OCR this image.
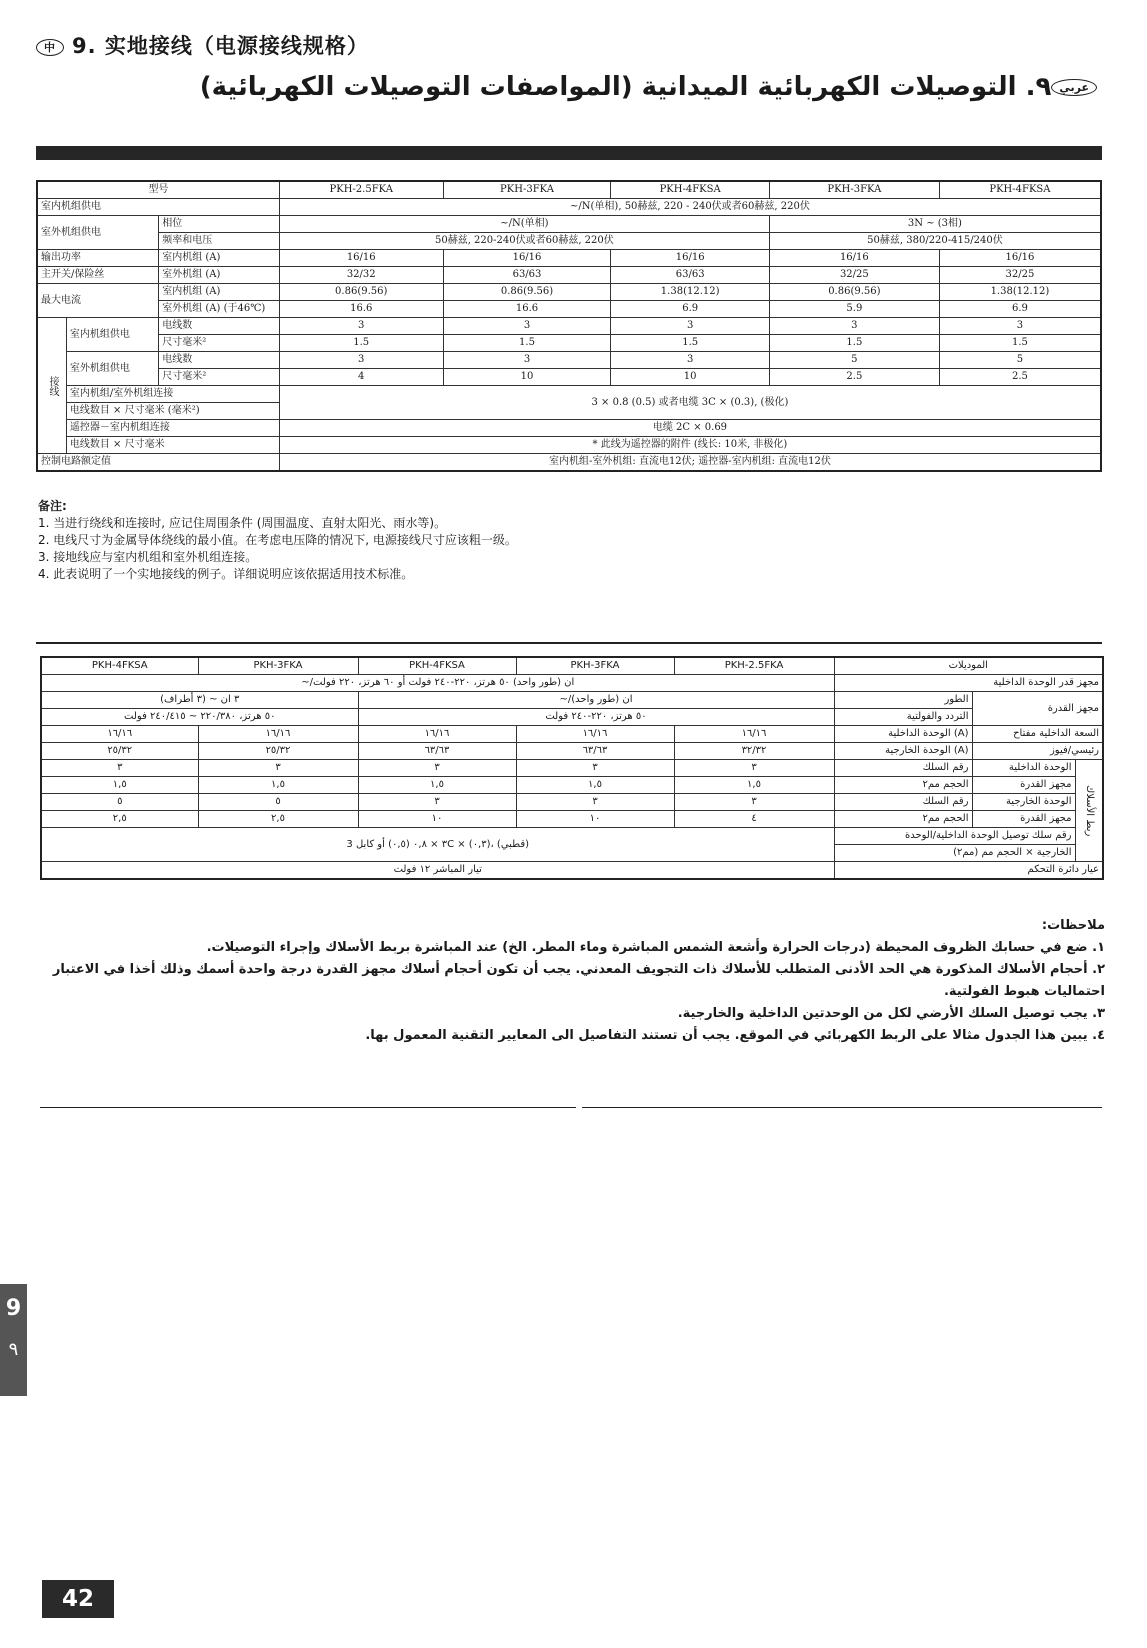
中 9. 实地接线（电源接线规格）
عربي٩. التوصيلات الكهربائية الميدانية (المواصفات التوصيلات الكهربائية)
型号			PKH-2.5FKA	PKH-3FKA	PKH-4FKSA	PKH-3FKA	PKH-4FKSA
室内机组供电			~/N(单相), 50赫兹, 220 - 240伏或者60赫兹, 220伏				
室外机组供电		相位	~/N(单相)			3N ~ (3相)	
		频率和电压	50赫兹, 220-240伏或者60赫兹, 220伏			50赫兹, 380/220-415/240伏	
输出功率		室内机组 (A)	16/16	16/16	16/16	16/16	16/16
主开关/保险丝		室外机组 (A)	32/32	63/63	63/63	32/25	32/25
最大电流		室内机组 (A)	0.86(9.56)	0.86(9.56)	1.38(12.12)	0.86(9.56)	1.38(12.12)
		室外机组 (A) (于46℃)	16.6	16.6	6.9	5.9	6.9
接线	室内机组供电	电线数	3	3	3	3	3
		尺寸毫米²	1.5	1.5	1.5	1.5	1.5
	室外机组供电	电线数	3	3	3	5	5
		尺寸毫米²	4	10	10	2.5	2.5
	室内机组/室外机组连接		3 × 0.8 (0.5) 或者电缆 3C × (0.3), (极化)				
	电线数目 × 尺寸毫米 (毫米²)						
	遥控器－室内机组连接		电缆 2C × 0.69				
	电线数目 × 尺寸毫米		* 此线为遥控器的附件 (线长: 10米, 非极化)				
控制电路额定值			室内机组-室外机组: 直流电12伏; 遥控器-室内机组: 直流电12伏				
备注:
1. 当进行绕线和连接时, 应记住周围条件 (周围温度、直射太阳光、雨水等)。
2. 电线尺寸为金属导体绕线的最小值。在考虑电压降的情况下, 电源接线尺寸应该粗一级。
3. 接地线应与室内机组和室外机组连接。
4. 此表说明了一个实地接线的例子。详细说明应该依据适用技术标准。
PKH-4FKSA	PKH-3FKA	PKH-4FKSA	PKH-3FKA	PKH-2.5FKA	الموديلات		
~/ان (طور واحد) ٥٠ هرتز، ٢٢٠-٢٤٠ فولت أو ٦٠ هرتز، ٢٢٠ فولت					مجهز قدر الوحدة الداخلية		
٣ ان ~ (٣ أطراف)		~/ان (طور واحد)			الطور	مجهز القدرة	
٥٠ هرتز، ٢٢٠/٣٨٠ ~ ٢٤٠/٤١٥ فولت		٥٠ هرتز، ٢٢٠-٢٤٠ فولت			التردد والفولتية		
١٦/١٦	١٦/١٦	١٦/١٦	١٦/١٦	١٦/١٦	الوحدة الداخلية (A)	السعة الداخلية مفتاح	
٢٥/٣٢	٢٥/٣٢	٦٣/٦٣	٦٣/٦٣	٣٢/٣٢	الوحدة الخارجية (A)	رئيسي/فيوز	
٣	٣	٣	٣	٣	رقم السلك	الوحدة الداخلية	ربط الأسلاك
١,٥	١,٥	١,٥	١,٥	١,٥	الحجم مم٢	مجهز القدرة	
٥	٥	٣	٣	٣	رقم السلك	الوحدة الخارجية	
٢,٥	٢,٥	١٠	١٠	٤	الحجم مم٢	مجهز القدرة	
٣ × ٠,٨ (٠,٥) أو كابل 3C × (٠,٣)، (قطبي)					رقم سلك توصيل الوحدة الداخلية/الوحدة		
					الخارجية × الحجم مم (مم٢)		
تيار المباشر ١٢ فولت					عيار دائرة التحكم		
ملاحظات:
١. ضع في حسابك الظروف المحيطة (درجات الحرارة وأشعة الشمس المباشرة وماء المطر. الخ) عند المباشرة بربط الأسلاك وإجراء التوصيلات.
٢. أحجام الأسلاك المذكورة هي الحد الأدنى المتطلب للأسلاك ذات التجويف المعدني. يجب أن تكون أحجام أسلاك مجهز القدرة درجة واحدة أسمك وذلك أخذا في الاعتبار احتماليات هبوط الفولتية.
٣. يجب توصيل السلك الأرضي لكل من الوحدتين الداخلية والخارجية.
٤. يبين هذا الجدول مثالا على الربط الكهربائي في الموقع. يجب أن تستند التفاصيل الى المعايير التقنية المعمول بها.
9
٩
42
